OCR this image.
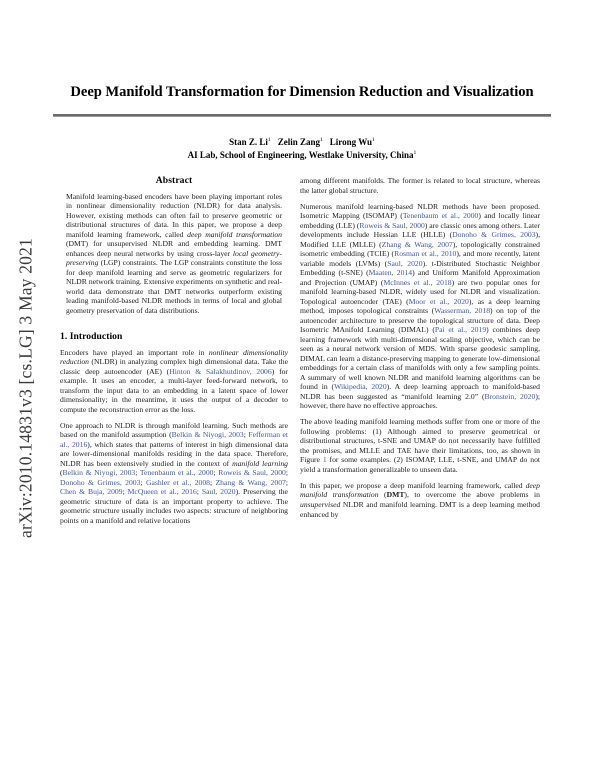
arXiv:2010.14831v3 [cs.LG] 3 May 2021
Deep Manifold Transformation for Dimension Reduction and Visualization
Stan Z. Li$^1$ Zelin Zang$^1$ Lirong Wu$^1$
AI Lab, School of Engineering, Westlake University, China$^1$
Abstract

Manifold learning-based encoders have been playing important roles in nonlinear dimensionality reduction (NLDR) for data analysis. However, existing methods can often fail to preserve geometric or distributional structures of data. In this paper, we propose a deep manifold learning framework, called deep manifold transformation (DMT) for unsupervised NLDR and embedding learning. DMT enhances deep neural networks by using cross-layer local geometry-preserving (LGP) constraints. The LGP constraints constitute the loss for deep manifold learning and serve as geometric regularizers for NLDR network training. Extensive experiments on synthetic and real-world data demonstrate that DMT networks outperform existing leading manifold-based NLDR methods in terms of local and global geometry preservation of data distributions.

1. Introduction

Encoders have played an important role in nonlinear dimensionality reduction (NLDR) in analyzing complex high dimensional data. Take the classic deep autoencoder (AE) (Hinton & Salakhutdinov, 2006) for example. It uses an encoder, a multi-layer feed-forward network, to transform the input data to an embedding in a latent space of lower dimensionality; in the meantime, it uses the output of a decoder to compute the reconstruction error as the loss.

One approach to NLDR is through manifold learning. Such methods are based on the manifold assumption (Belkin & Niyogi, 2003; Fefferman et al., 2016), which states that patterns of interest in high dimensional data are lower-dimensional manifolds residing in the data space. Therefore, NLDR has been extensively studied in the context of manifold learning (Belkin & Niyogi, 2003; Tenenbaum et al., 2000; Roweis & Saul, 2000; Donoho & Grimes, 2003; Gashler et al., 2008; Zhang & Wang, 2007; Chen & Buja, 2009; McQueen et al., 2016; Saul, 2020). Preserving the geometric structure of data is an important property to achieve. The geometric structure usually includes two aspects: structure of neighboring points on a manifold and relative locations

among different manifolds. The former is related to local structure, whereas the latter global structure.

Numerous manifold learning-based NLDR methods have been proposed. Isometric Mapping (ISOMAP) (Tenenbaum et al., 2000) and locally linear embedding (LLE) (Roweis & Saul, 2000) are classic ones among others. Later developments include Hessian LLE (HLLE) (Donoho & Grimes, 2003), Modified LLE (MLLE) (Zhang & Wang, 2007), topologically constrained isometric embedding (TCIE) (Rosman et al., 2010), and more recently, latent variable models (LVMs) (Saul, 2020). t-Distributed Stochastic Neighbor Embedding (t-SNE) (Maaten, 2014) and Uniform Manifold Approximation and Projection (UMAP) (McInnes et al., 2018) are two popular ones for manifold learning-based NLDR, widely used for NLDR and visualization. Topological autoencoder (TAE) (Moor et al., 2020), as a deep learning method, imposes topological constraints (Wasserman, 2018) on top of the autoencoder architecture to preserve the topological structure of data. Deep Isometric MAnifold Learning (DIMAL) (Pai et al., 2019) combines deep learning framework with multi-dimensional scaling objective, which can be seen as a neural network version of MDS. With sparse geodesic sampling, DIMAL can learn a distance-preserving mapping to generate low-dimensional embeddings for a certain class of manifolds with only a few sampling points. A summary of well known NLDR and manifold learning algorithms can be found in (Wikipedia, 2020). A deep learning approach to manifold-based NLDR has been suggested as “manifold learning 2.0” (Bronstein, 2020); however, there have no effective approaches.

The above leading manifold learning methods suffer from one or more of the following problems: (1) Although aimed to preserve geometrical or distributional structures, t-SNE and UMAP do not necessarily have fulfilled the promises, and MLLE and TAE have their limitations, too, as shown in Figure 1 for some examples. (2) ISOMAP, LLE, t-SNE, and UMAP do not yield a transformation generalizable to unseen data.

In this paper, we propose a deep manifold learning framework, called deep manifold transformation (DMT), to overcome the above problems in unsupervised NLDR and manifold learning. DMT is a deep learning method enhanced by
